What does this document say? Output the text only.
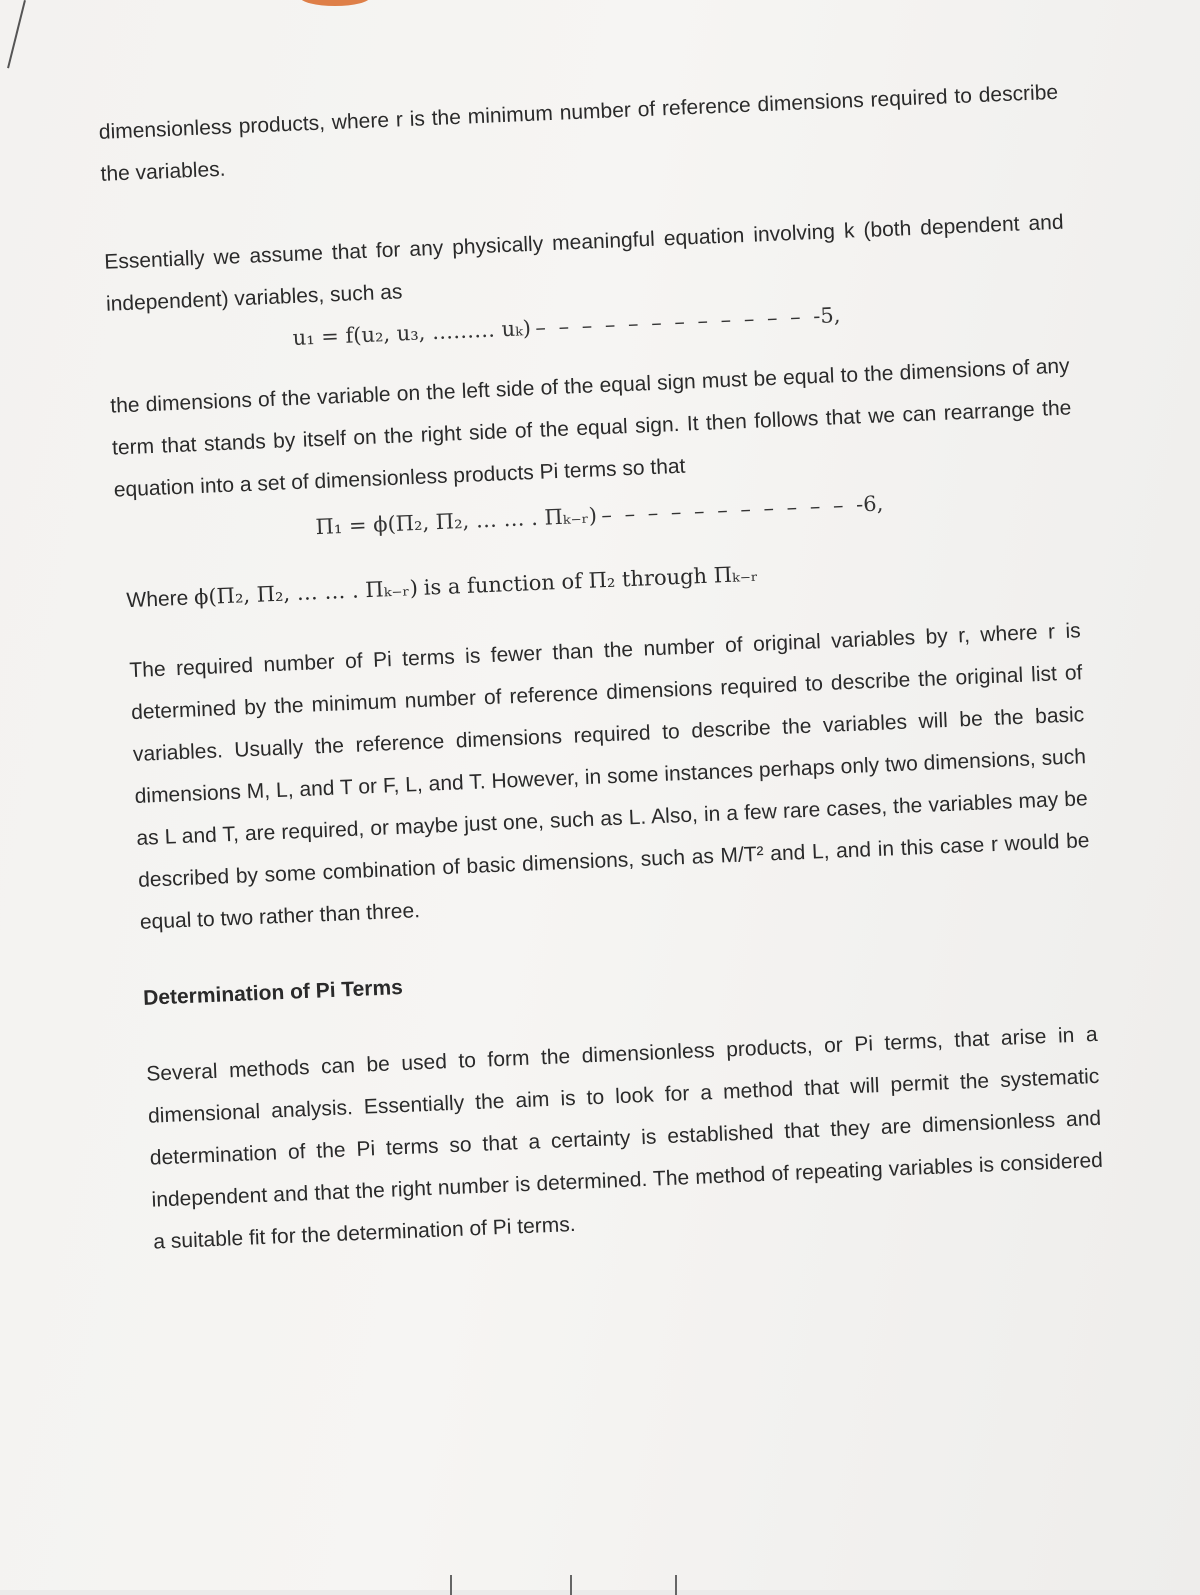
dimensionless products, where r is the minimum number of reference dimensions required to describe the variables.

Essentially we assume that for any physically meaningful equation involving k (both dependent and independent) variables, such as

u₁ = f(u₂, u₃, ……… uₖ) – – – – – – – – – – – – -5,

the dimensions of the variable on the left side of the equal sign must be equal to the dimensions of any term that stands by itself on the right side of the equal sign. It then follows that we can rearrange the equation into a set of dimensionless products Pi terms so that

Π₁ = ϕ(Π₂, Π₂, … … . Πₖ₋ᵣ) – – – – – – – – – – – -6,

Where ϕ(Π₂, Π₂, … … . Πₖ₋ᵣ) is a function of Π₂ through Πₖ₋ᵣ

The required number of Pi terms is fewer than the number of original variables by r, where r is determined by the minimum number of reference dimensions required to describe the original list of variables. Usually the reference dimensions required to describe the variables will be the basic dimensions M, L, and T or F, L, and T. However, in some instances perhaps only two dimensions, such as L and T, are required, or maybe just one, such as L. Also, in a few rare cases, the variables may be described by some combination of basic dimensions, such as M/T² and L, and in this case r would be equal to two rather than three.

Determination of Pi Terms

Several methods can be used to form the dimensionless products, or Pi terms, that arise in a dimensional analysis. Essentially the aim is to look for a method that will permit the systematic determination of the Pi terms so that a certainty is established that they are dimensionless and independent and that the right number is determined. The method of repeating variables is considered a suitable fit for the determination of Pi terms.
